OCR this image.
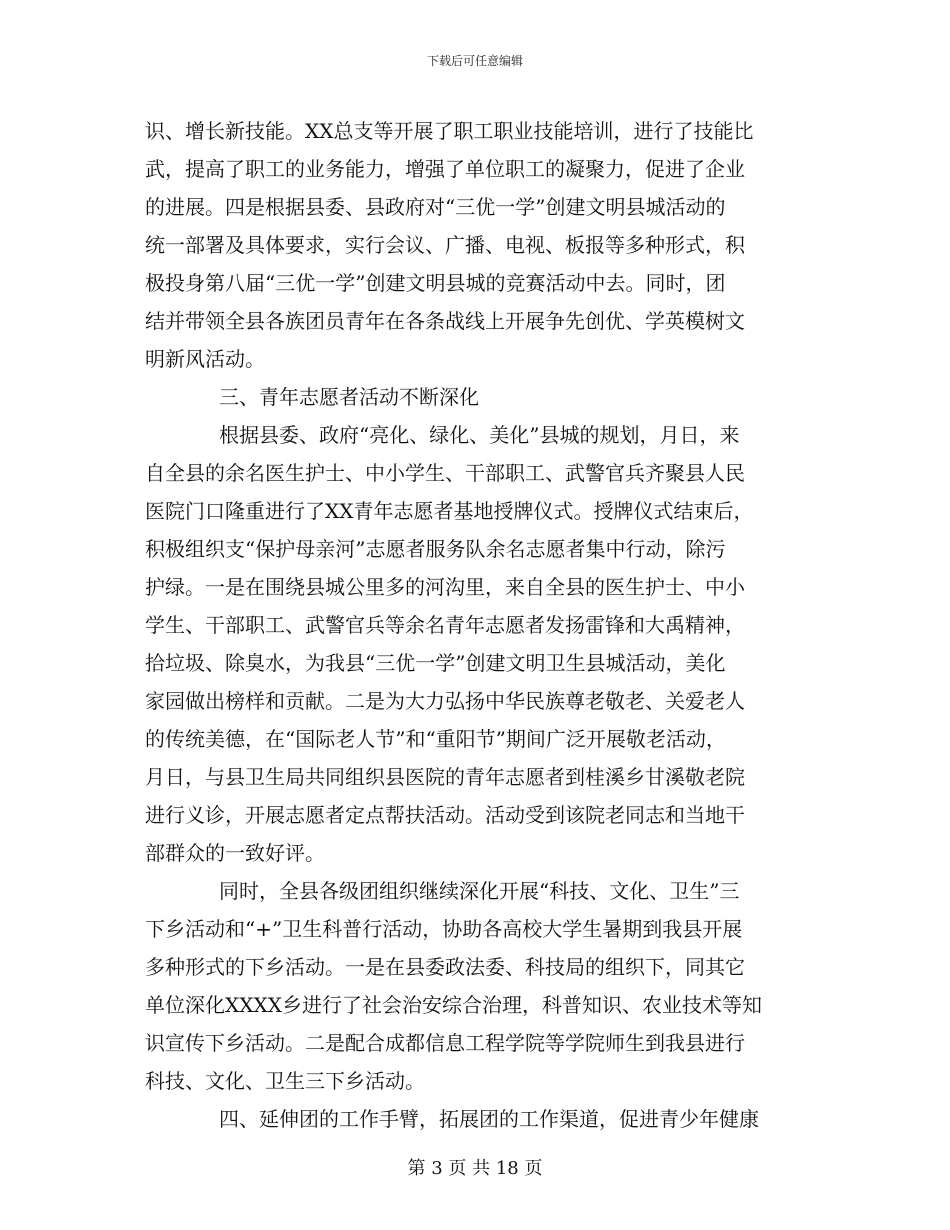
下载后可任意编辑
识、增长新技能。XX总支等开展了职工职业技能培训，进行了技能比
武，提高了职工的业务能力，增强了单位职工的凝聚力，促进了企业
的进展。四是根据县委、县政府对“三优一学”创建文明县城活动的
统一部署及具体要求，实行会议、广播、电视、板报等多种形式，积
极投身第八届“三优一学”创建文明县城的竞赛活动中去。同时，团
结并带领全县各族团员青年在各条战线上开展争先创优、学英模树文
明新风活动。
三、青年志愿者活动不断深化
根据县委、政府“亮化、绿化、美化”县城的规划，月日，来
自全县的余名医生护士、中小学生、干部职工、武警官兵齐聚县人民
医院门口隆重进行了XX青年志愿者基地授牌仪式。授牌仪式结束后，
积极组织支“保护母亲河”志愿者服务队余名志愿者集中行动，除污
护绿。一是在围绕县城公里多的河沟里，来自全县的医生护士、中小
学生、干部职工、武警官兵等余名青年志愿者发扬雷锋和大禹精神，
拾垃圾、除臭水，为我县“三优一学”创建文明卫生县城活动，美化
家园做出榜样和贡献。二是为大力弘扬中华民族尊老敬老、关爱老人
的传统美德，在“国际老人节”和“重阳节”期间广泛开展敬老活动，
月日，与县卫生局共同组织县医院的青年志愿者到桂溪乡甘溪敬老院
进行义诊，开展志愿者定点帮扶活动。活动受到该院老同志和当地干
部群众的一致好评。
同时，全县各级团组织继续深化开展“科技、文化、卫生”三
下乡活动和“+”卫生科普行活动，协助各高校大学生暑期到我县开展
多种形式的下乡活动。一是在县委政法委、科技局的组织下，同其它
单位深化XXXX乡进行了社会治安综合治理，科普知识、农业技术等知
识宣传下乡活动。二是配合成都信息工程学院等学院师生到我县进行
科技、文化、卫生三下乡活动。
四、延伸团的工作手臂，拓展团的工作渠道，促进青少年健康
第 3 页 共 18 页
